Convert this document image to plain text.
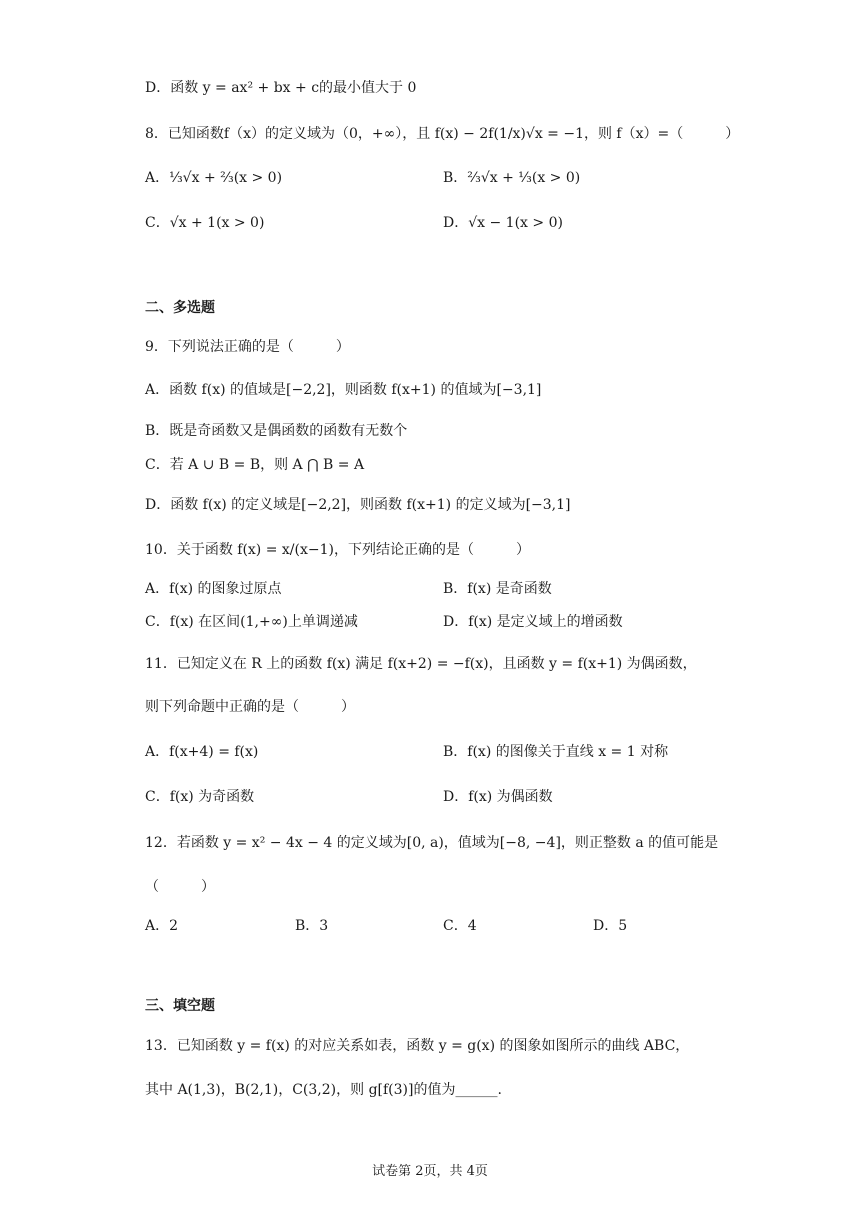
D．函数 y = ax² + bx + c的最小值大于 0
8．已知函数f（x）的定义域为（0，+∞），且 f(x) − 2f(1/x)√x = −1，则 f（x）=（　　　）
A．⅓√x + ⅔(x > 0)	B．⅔√x + ⅓(x > 0)
C．√x + 1(x > 0)	D．√x − 1(x > 0)
二、多选题
9．下列说法正确的是（　　　）
A．函数 f(x) 的值域是[−2,2]，则函数 f(x+1) 的值域为[−3,1]
B．既是奇函数又是偶函数的函数有无数个
C．若 A ∪ B = B，则 A ⋂ B = A
D．函数 f(x) 的定义域是[−2,2]，则函数 f(x+1) 的定义域为[−3,1]
10．关于函数 f(x) = x/(x−1)，下列结论正确的是（　　　）
A．f(x) 的图象过原点	B．f(x) 是奇函数
C．f(x) 在区间(1,+∞)上单调递减	D．f(x) 是定义域上的增函数
11．已知定义在 R 上的函数 f(x) 满足 f(x+2) = −f(x)，且函数 y = f(x+1) 为偶函数，
则下列命题中正确的是（　　　）
A．f(x+4) = f(x)	B．f(x) 的图像关于直线 x = 1 对称
C．f(x) 为奇函数	D．f(x) 为偶函数
12．若函数 y = x² − 4x − 4 的定义域为[0, a)，值域为[−8, −4]，则正整数 a 的值可能是
（　　　）
A．2	B．3	C．4	D．5
三、填空题
13．已知函数 y = f(x) 的对应关系如表，函数 y = g(x) 的图象如图所示的曲线 ABC，
其中 A(1,3)，B(2,1)，C(3,2)，则 g[f(3)]的值为______.
试卷第 2页，共 4页
